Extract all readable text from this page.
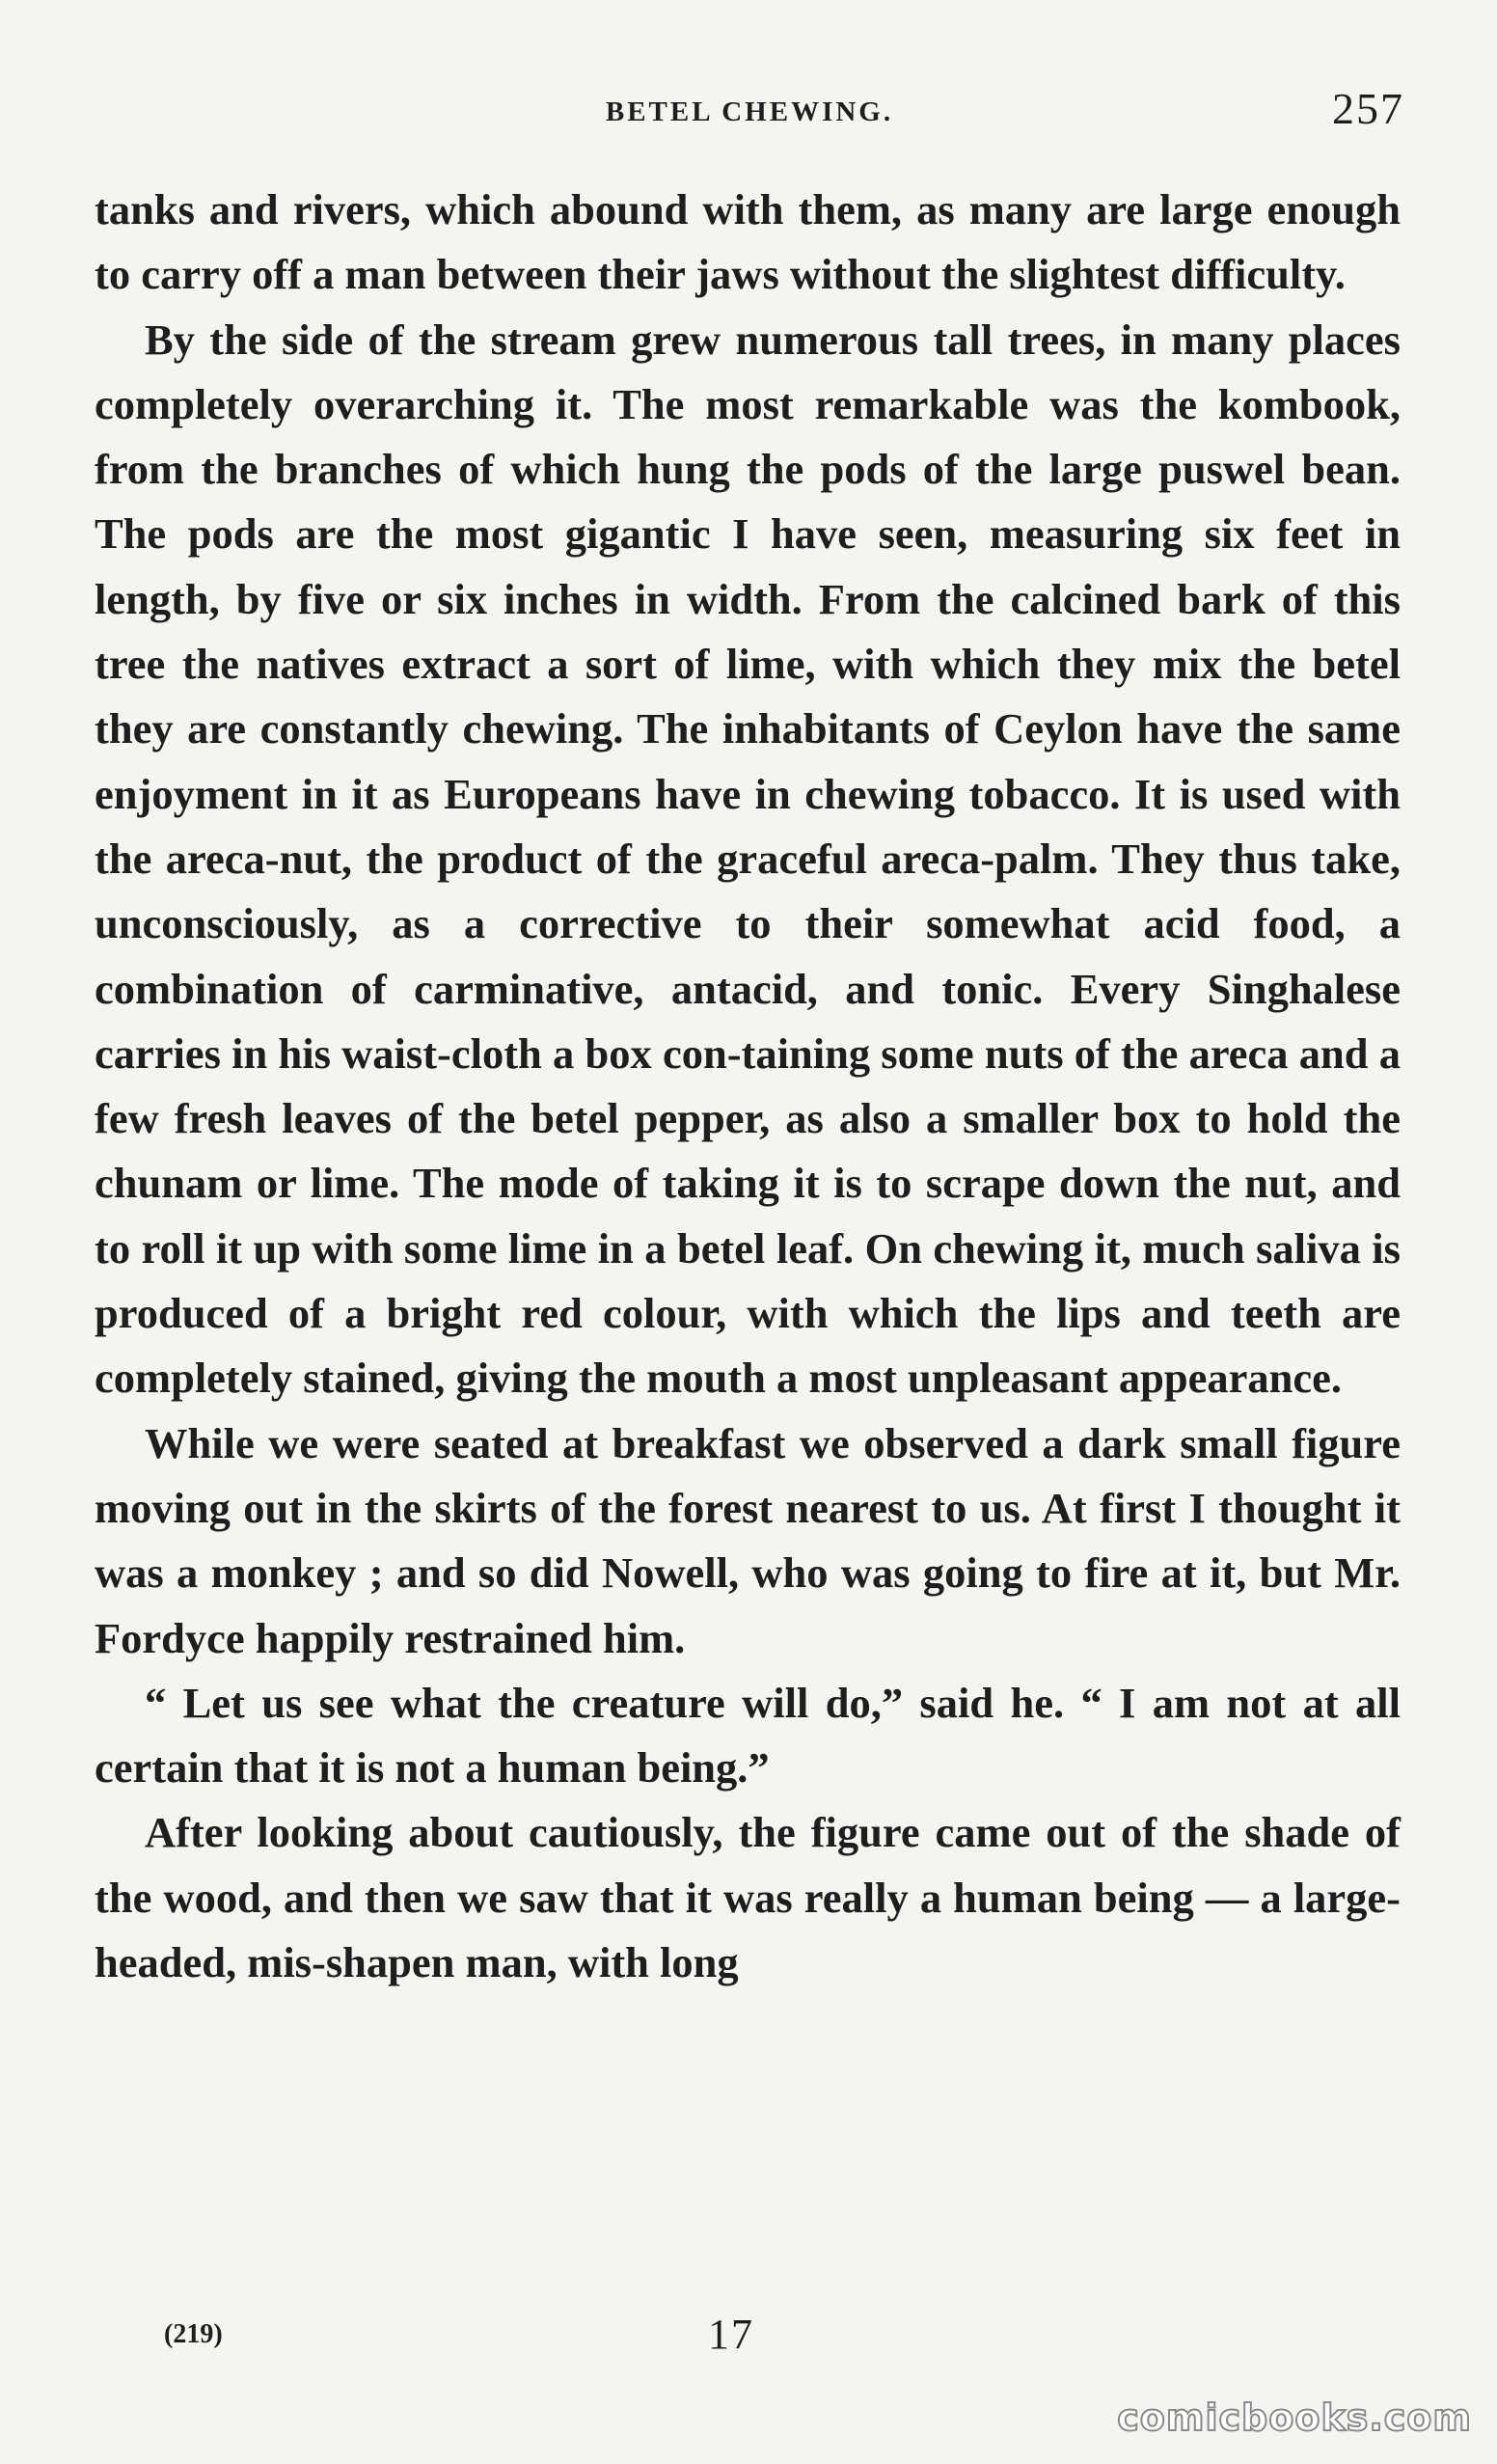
BETEL CHEWING.	257

tanks and rivers, which abound with them, as many are large enough to carry off a man between their jaws without the slightest difficulty.

By the side of the stream grew numerous tall trees, in many places completely overarching it. The most remarkable was the kombook, from the branches of which hung the pods of the large puswel bean. The pods are the most gigantic I have seen, measuring six feet in length, by five or six inches in width. From the calcined bark of this tree the natives extract a sort of lime, with which they mix the betel they are constantly chewing. The inhabitants of Ceylon have the same enjoyment in it as Europeans have in chewing tobacco. It is used with the areca-nut, the product of the graceful areca-palm. They thus take, unconsciously, as a corrective to their somewhat acid food, a combination of carminative, antacid, and tonic. Every Singhalese carries in his waist-cloth a box con-taining some nuts of the areca and a few fresh leaves of the betel pepper, as also a smaller box to hold the chunam or lime. The mode of taking it is to scrape down the nut, and to roll it up with some lime in a betel leaf. On chewing it, much saliva is produced of a bright red colour, with which the lips and teeth are completely stained, giving the mouth a most unpleasant appearance.

While we were seated at breakfast we observed a dark small figure moving out in the skirts of the forest nearest to us. At first I thought it was a monkey ; and so did Nowell, who was going to fire at it, but Mr. Fordyce happily restrained him.

“ Let us see what the creature will do,” said he. “ I am not at all certain that it is not a human being.”

After looking about cautiously, the figure came out of the shade of the wood, and then we saw that it was really a human being — a large-headed, mis-shapen man, with long

(219)	17
comicbooks.com
